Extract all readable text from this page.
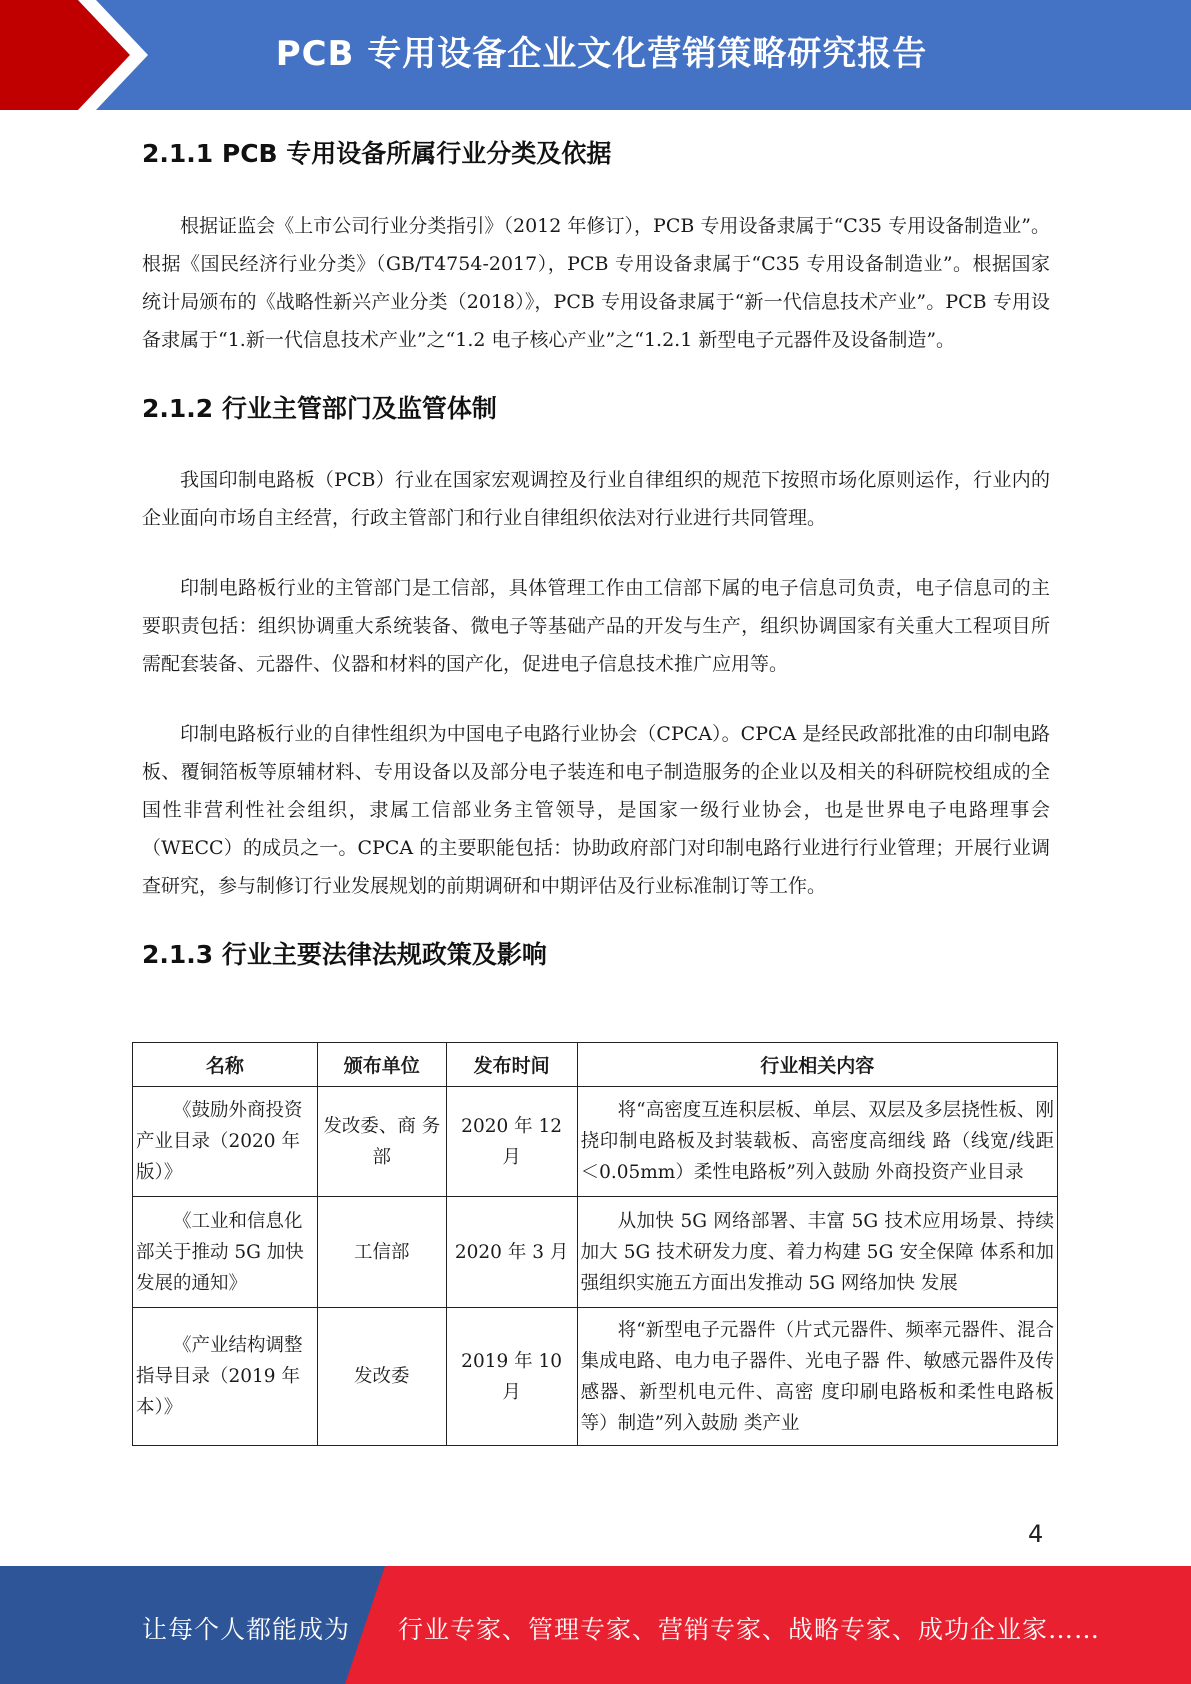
PCB 专用设备企业文化营销策略研究报告
2.1.1 PCB 专用设备所属行业分类及依据

根据证监会《上市公司行业分类指引》（2012 年修订），PCB 专用设备隶属于“C35 专用设备制造业”。根据《国民经济行业分类》（GB/T4754-2017），PCB 专用设备隶属于“C35 专用设备制造业”。根据国家统计局颁布的《战略性新兴产业分类（2018）》，PCB 专用设备隶属于“新一代信息技术产业”。PCB 专用设备隶属于“1.新一代信息技术产业”之“1.2 电子核心产业”之“1.2.1 新型电子元器件及设备制造”。

2.1.2 行业主管部门及监管体制

我国印制电路板（PCB）行业在国家宏观调控及行业自律组织的规范下按照市场化原则运作，行业内的企业面向市场自主经营，行政主管部门和行业自律组织依法对行业进行共同管理。

印制电路板行业的主管部门是工信部，具体管理工作由工信部下属的电子信息司负责，电子信息司的主要职责包括：组织协调重大系统装备、微电子等基础产品的开发与生产，组织协调国家有关重大工程项目所需配套装备、元器件、仪器和材料的国产化，促进电子信息技术推广应用等。

印制电路板行业的自律性组织为中国电子电路行业协会（CPCA）。CPCA 是经民政部批准的由印制电路板、覆铜箔板等原辅材料、专用设备以及部分电子装连和电子制造服务的企业以及相关的科研院校组成的全国性非营利性社会组织，隶属工信部业务主管领导，是国家一级行业协会，也是世界电子电路理事会（WECC）的成员之一。CPCA 的主要职能包括：协助政府部门对印制电路行业进行行业管理；开展行业调查研究，参与制修订行业发展规划的前期调研和中期评估及行业标准制订等工作。

2.1.3 行业主要法律法规政策及影响
名称	颁布单位	发布时间	行业相关内容
《鼓励外商投资产业目录（2020 年版）》	发改委、商 务部	2020 年 12 月	将“高密度互连积层板、单层、双层及多层挠性板、刚挠印制电路板及封装载板、高密度高细线 路（线宽/线距＜0.05mm）柔性电路板”列入鼓励 外商投资产业目录
《工业和信息化部关于推动 5G 加快发展的通知》	工信部	2020 年 3 月	从加快 5G 网络部署、丰富 5G 技术应用场景、持续加大 5G 技术研发力度、着力构建 5G 安全保障 体系和加强组织实施五方面出发推动 5G 网络加快 发展
《产业结构调整指导目录（2019 年本）》	发改委	2019 年 10 月	将“新型电子元器件（片式元器件、频率元器件、混合集成电路、电力电子器件、光电子器 件、敏感元器件及传感器、新型机电元件、高密 度印刷电路板和柔性电路板等）制造”列入鼓励 类产业
4
让每个人都能成为 行业专家、管理专家、营销专家、战略专家、成功企业家……
